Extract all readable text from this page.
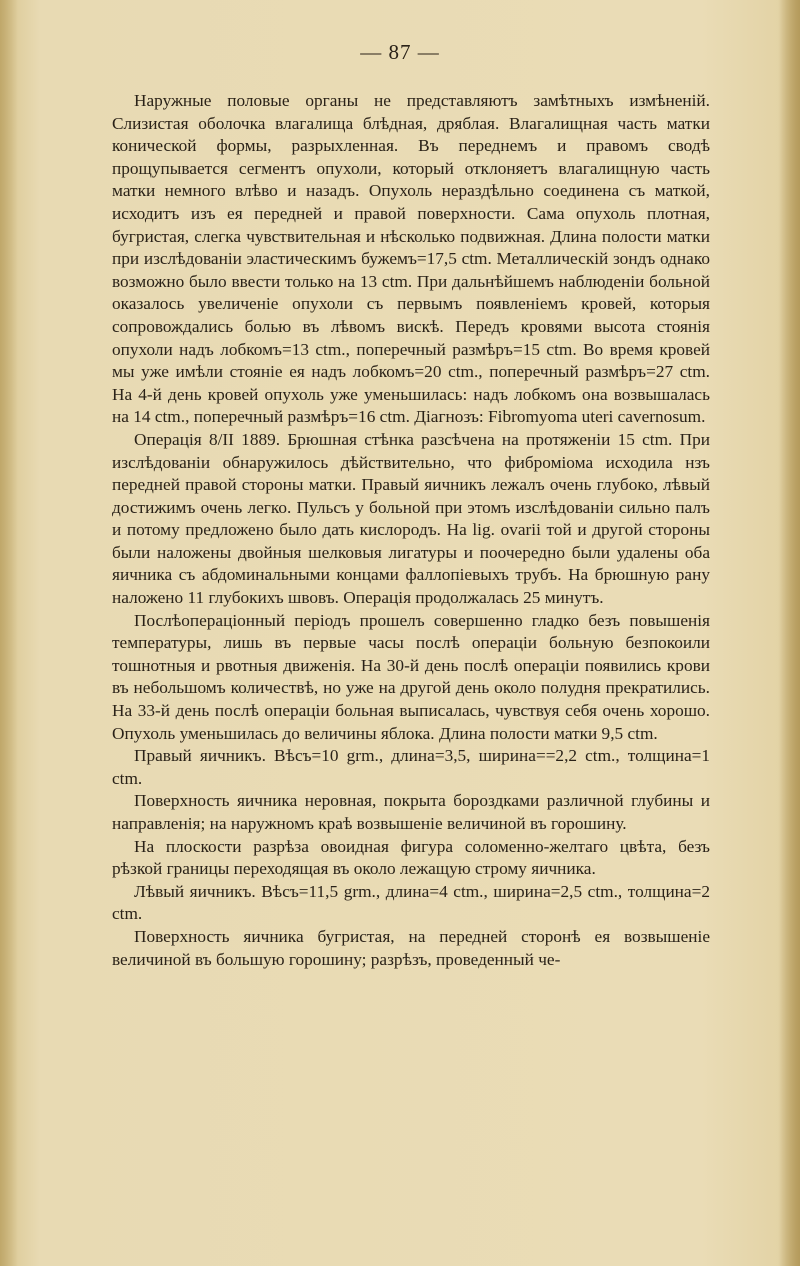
— 87 —

Наружные половые органы не представляютъ замѣтныхъ измѣненій. Слизистая оболочка влагалища блѣдная, дряблая. Влагалищная часть матки конической формы, разрыхленная. Въ переднемъ и правомъ сводѣ прощупывается сегментъ опухоли, который отклоняетъ влагалищную часть матки немного влѣво и назадъ. Опухоль нераздѣльно соединена съ маткой, исходитъ изъ ея передней и правой поверхности. Сама опухоль плотная, бугристая, слегка чувствительная и нѣсколько подвижная. Длина полости матки при изслѣдованіи эластическимъ бужемъ=17,5 ctm. Металлическій зондъ однако возможно было ввести только на 13 ctm. При дальнѣйшемъ наблюденіи больной оказалось увеличеніе опухоли съ первымъ появленіемъ кровей, которыя сопровождались болью въ лѣвомъ вискѣ. Передъ кровями высота стоянія опухоли надъ лобкомъ=13 ctm., поперечный размѣръ=15 ctm. Во время кровей мы уже имѣли стояніе ея надъ лобкомъ=20 ctm., поперечный размѣръ=27 ctm. На 4-й день кровей опухоль уже уменьшилась: надъ лобкомъ она возвышалась на 14 ctm., поперечный размѣръ=16 ctm. Діагнозъ: Fibromyoma uteri cavernosum.

Операція 8/II 1889. Брюшная стѣнка разсѣчена на протяженіи 15 ctm. При изслѣдованіи обнаружилось дѣйствительно, что фиброміома исходила нзъ передней правой стороны матки. Правый яичникъ лежалъ очень глубоко, лѣвый достижимъ очень легко. Пульсъ у больной при этомъ изслѣдованіи сильно палъ и потому предложено было дать кислородъ. На lig. ovarii той и другой стороны были наложены двойныя шелковыя лигатуры и поочередно были удалены оба яичника съ абдоминальными концами фаллопіевыхъ трубъ. На брюшную рану наложено 11 глубокихъ швовъ. Операція продолжалась 25 минутъ.

Послѣопераціонный періодъ прошелъ совершенно гладко безъ повышенія температуры, лишь въ первые часы послѣ операціи больную безпокоили тошнотныя и рвотныя движенія. На 30-й день послѣ операціи появились крови въ небольшомъ количествѣ, но уже на другой день около полудня прекратились. На 33-й день послѣ операціи больная выписалась, чувствуя себя очень хорошо. Опухоль уменьшилась до величины яблока. Длина полости матки 9,5 ctm.

Правый яичникъ. Вѣсъ=10 grm., длина=3,5, ширина==2,2 ctm., толщина=1 ctm.

Поверхность яичника неровная, покрыта бороздками различной глубины и направленія; на наружномъ краѣ возвышеніе величиной въ горошину.

На плоскости разрѣза овоидная фигура соломенно-желтаго цвѣта, безъ рѣзкой границы переходящая въ около лежащую строму яичника.

Лѣвый яичникъ. Вѣсъ=11,5 grm., длина=4 ctm., ширина=2,5 ctm., толщина=2 ctm.

Поверхность яичника бугристая, на передней сторонѣ ея возвышеніе величиной въ большую горошину; разрѣзъ, проведенный че-
